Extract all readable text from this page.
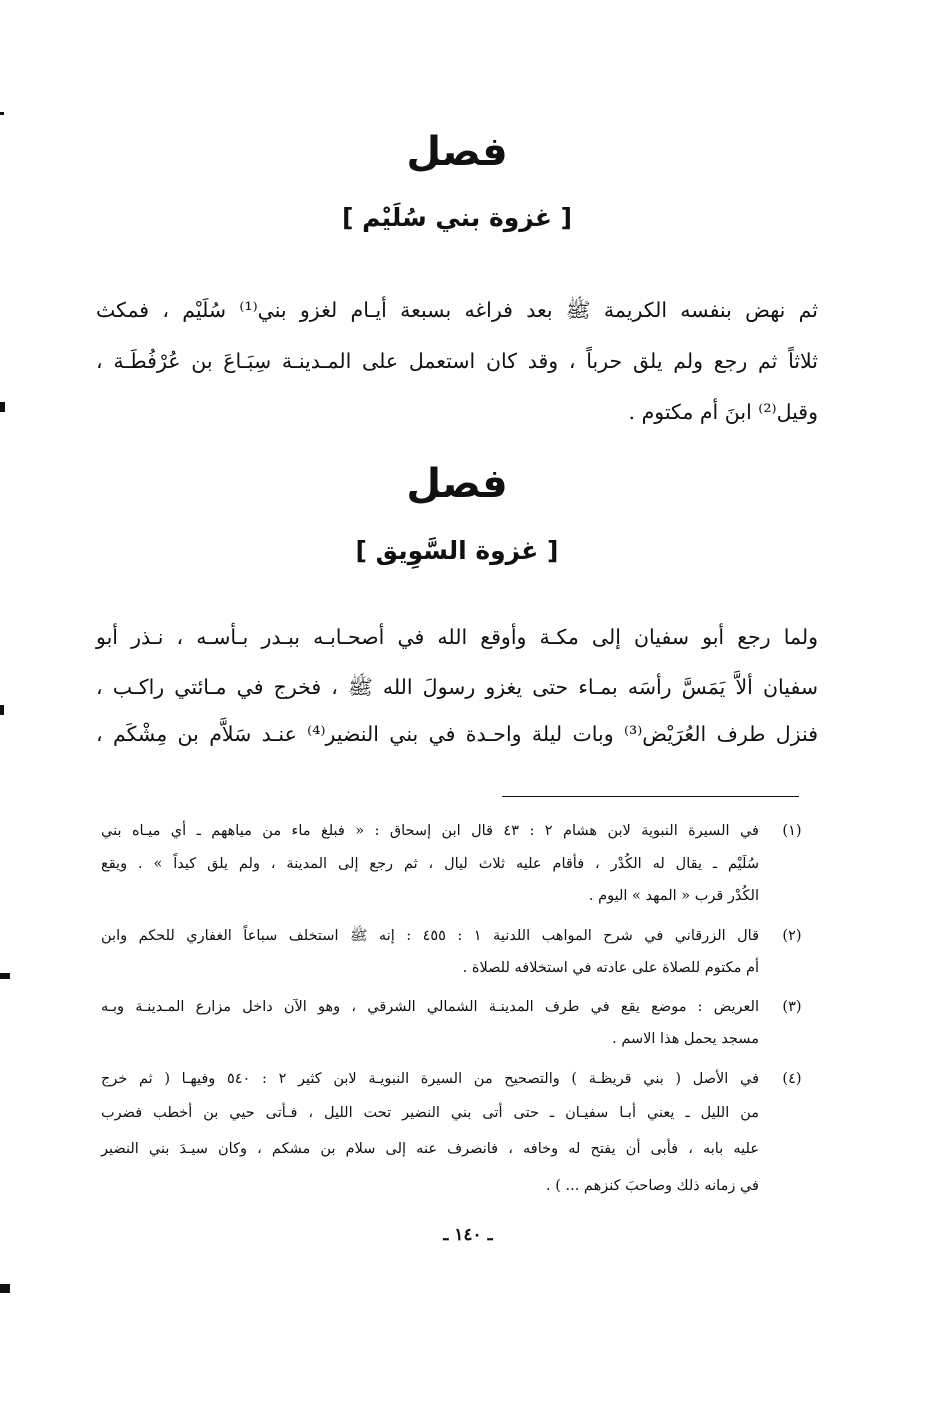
فصل
[ غزوة بني سُلَيْم ]
ثم نهض بنفسه الكريمة ﷺ بعد فراغه بسبعة أيـام لغزو بني⁽¹⁾ سُلَيْم ، فمكث
ثلاثاً ثم رجع ولم يلق حرباً ، وقد كان استعمل على المـدينـة سِبَـاعَ بن عُرْفُطَـة ،
وقيل⁽²⁾ ابنَ أم مكتوم .
فصل
[ غزوة السَّوِيق ]
ولما رجع أبو سفيان إلى مكـة وأوقع الله في أصحـابـه ببـدر بـأسـه ، نـذر أبو
سفيان ألاَّ يَمَسَّ رأسَه بمـاء حتى يغزو رسولَ الله ﷺ ، فخرج في مـائتي راكـب ،
فنزل طرف العُرَيْض⁽³⁾ وبات ليلة واحـدة في بني النضير⁽⁴⁾ عنـد سَلاَّم بن مِشْكَم ،
(١)
في السيرة النبوية لابن هشام ٢ : ٤٣ قال ابن إسحاق : « فبلغ ماء من مياههم ـ أي ميـاه بني
سُلَيْم ـ يقال له الكُدْر ، فأقام عليه ثلاث ليال ، ثم رجع إلى المدينة ، ولم يلق كيداً » . ويقع
الكُدْر قرب « المهد » اليوم .
(٢)
قال الزرقاني في شرح المواهب اللدنية ١ : ٤٥٥ : إنه ﷺ استخلف سباعاً الغفاري للحكم وابن
أم مكتوم للصلاة على عادته في استخلافه للصلاة .
(٣)
العريض : موضع يقع في طرف المدينـة الشمالي الشرقي ، وهو الآن داخل مزارع المـدينـة وبـه
مسجد يحمل هذا الاسم .
(٤)
في الأصل ( بني قريظـة ) والتصحيح من السيرة النبويـة لابن كثير ٢ : ٥٤٠ وفيهـا ( ثم خرج
من الليل ـ يعني أبـا سفيـان ـ حتى أتى بني النضير تحت الليل ، فـأتى حيي بن أخطب فضرب
عليه بابه ، فأبى أن يفتح له وخافه ، فانصرف عنه إلى سلام بن مشكم ، وكان سيـدَ بني النضير
في زمانه ذلك وصاحبَ كنزهم ... ) .
ـ ١٤٠ ـ
